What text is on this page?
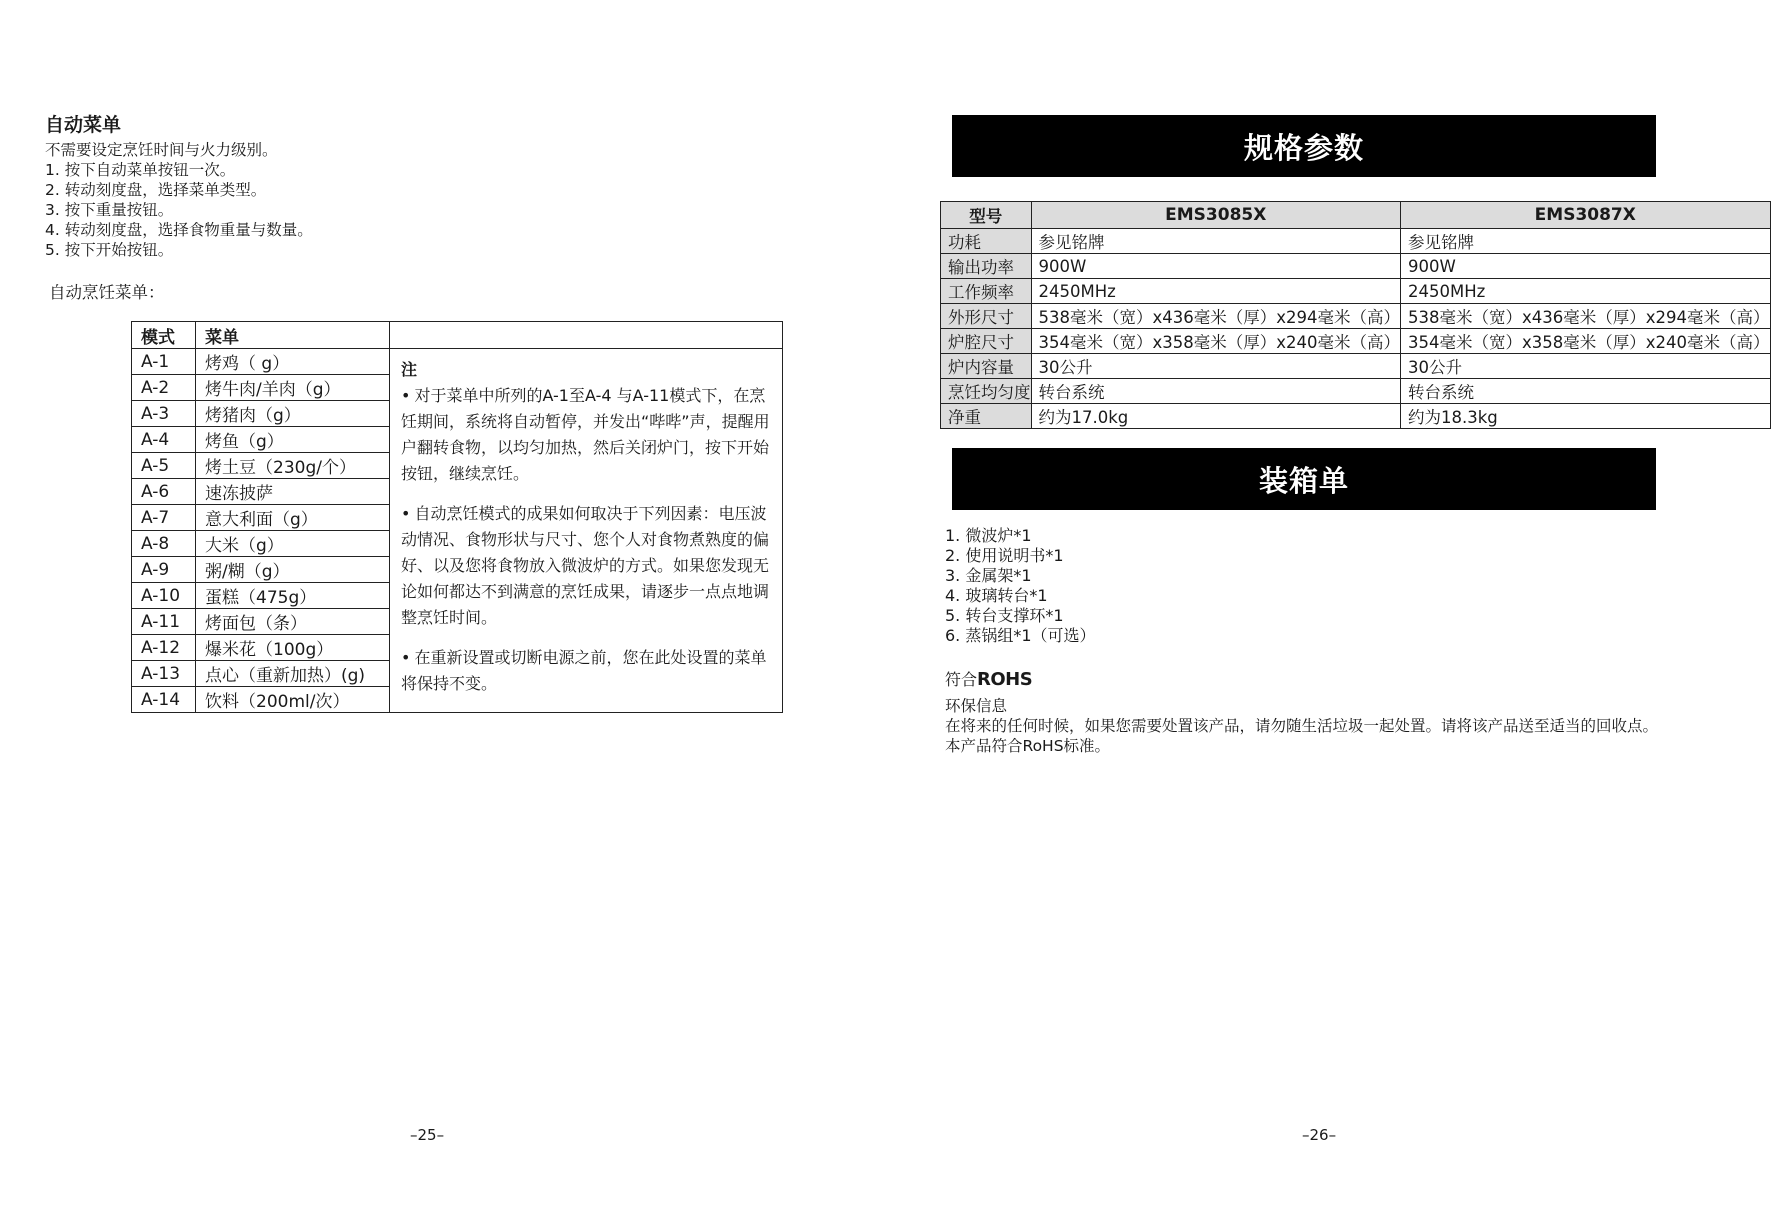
自动菜单
不需要设定烹饪时间与火力级别。
1. 按下自动菜单按钮一次。
2. 转动刻度盘，选择菜单类型。
3. 按下重量按钮。
4. 转动刻度盘，选择食物重量与数量。
5. 按下开始按钮。
自动烹饪菜单：
模式	菜单	
A-1	烤鸡（ g）	注
• 对于菜单中所列的A-1至A-4 与A-11模式下，在烹饪期间，系统将自动暂停，并发出“哔哔”声，提醒用户翻转食物，以均匀加热，然后关闭炉门，按下开始按钮，继续烹饪。
• 自动烹饪模式的成果如何取决于下列因素：电压波动情况、食物形状与尺寸、您个人对食物煮熟度的偏好、以及您将食物放入微波炉的方式。如果您发现无论如何都达不到满意的烹饪成果，请逐步一点点地调整烹饪时间。
• 在重新设置或切断电源之前，您在此处设置的菜单将保持不变。

A-2	烤牛肉/羊肉（g）	
A-3	烤猪肉（g）	
A-4	烤鱼（g）	
A-5	烤土豆（230g/个）	
A-6	速冻披萨	
A-7	意大利面（g）	
A-8	大米（g）	
A-9	粥/糊（g）	
A-10	蛋糕（475g）	
A-11	烤面包（条）	
A-12	爆米花（100g）	
A-13	点心（重新加热）(g)	
A-14	饮料（200ml/次）	
–25–
规格参数
型号	EMS3085X	EMS3087X
功耗	参见铭牌	参见铭牌
输出功率	900W	900W
工作频率	2450MHz	2450MHz
外形尺寸	538毫米（宽）x436毫米（厚）x294毫米（高）	538毫米（宽）x436毫米（厚）x294毫米（高）
炉腔尺寸	354毫米（宽）x358毫米（厚）x240毫米（高）	354毫米（宽）x358毫米（厚）x240毫米（高）
炉内容量	30公升	30公升
烹饪均匀度	转台系统	转台系统
净重	约为17.0kg	约为18.3kg
装箱单
1. 微波炉*1
2. 使用说明书*1
3. 金属架*1
4. 玻璃转台*1
5. 转台支撑环*1
6. 蒸锅组*1（可选）
符合ROHS
环保信息
在将来的任何时候，如果您需要处置该产品，请勿随生活垃圾一起处置。请将该产品送至适当的回收点。
本产品符合RoHS标准。
–26–
